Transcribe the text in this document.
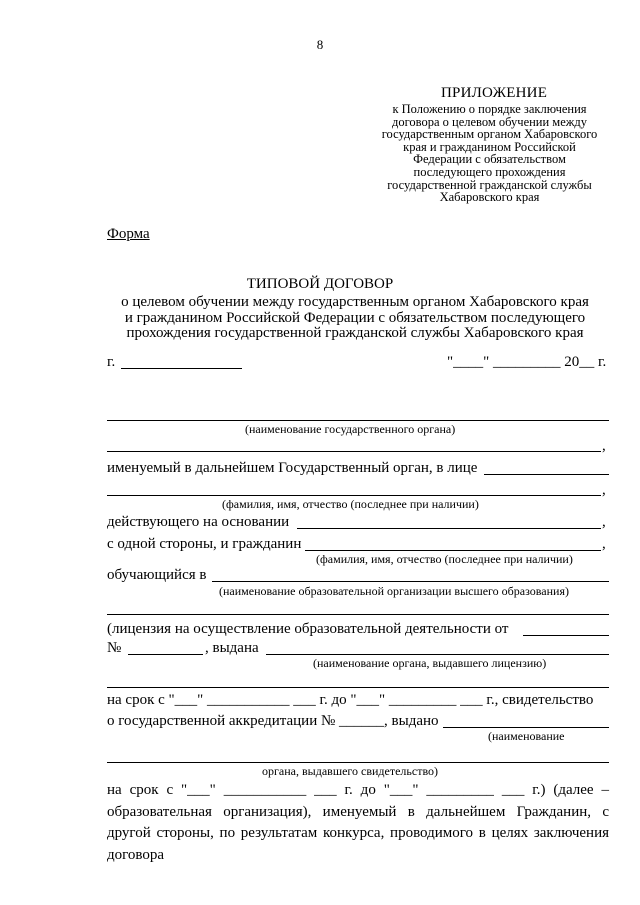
8
ПРИЛОЖЕНИЕ
к Положению о порядке заключения
договора о целевом обучении между
государственным органом Хабаровского
края и гражданином Российской
Федерации с обязательством
последующего прохождения
государственной гражданской службы
Хабаровского края
Форма
ТИПОВОЙ ДОГОВОР
о целевом обучении между государственным органом Хабаровского края
и гражданином Российской Федерации с обязательством последующего
прохождения государственной гражданской службы Хабаровского края
г.	"____" _________ 20__ г.
(наименование государственного органа)
,
именуемый в дальнейшем Государственный орган, в лице
,
(фамилия, имя, отчество (последнее при наличии)
действующего на основании	,
с одной стороны, и гражданин	,
(фамилия, имя, отчество (последнее при наличии)
обучающийся в
(наименование образовательной организации высшего образования)
(лицензия на осуществление образовательной деятельности от
№	, выдана
(наименование органа, выдавшего лицензию)
на срок с "___" ___________ ___ г. до "___" _________ ___ г., свидетельство
о государственной аккредитации № ______, выдано
(наименование
органа, выдавшего свидетельство)
на срок с "___" ___________ ___ г. до "___" _________ ___ г.) (далее – образовательная организация), именуемый в дальнейшем Гражданин, с другой стороны, по результатам конкурса, проводимого в целях заключения договора
